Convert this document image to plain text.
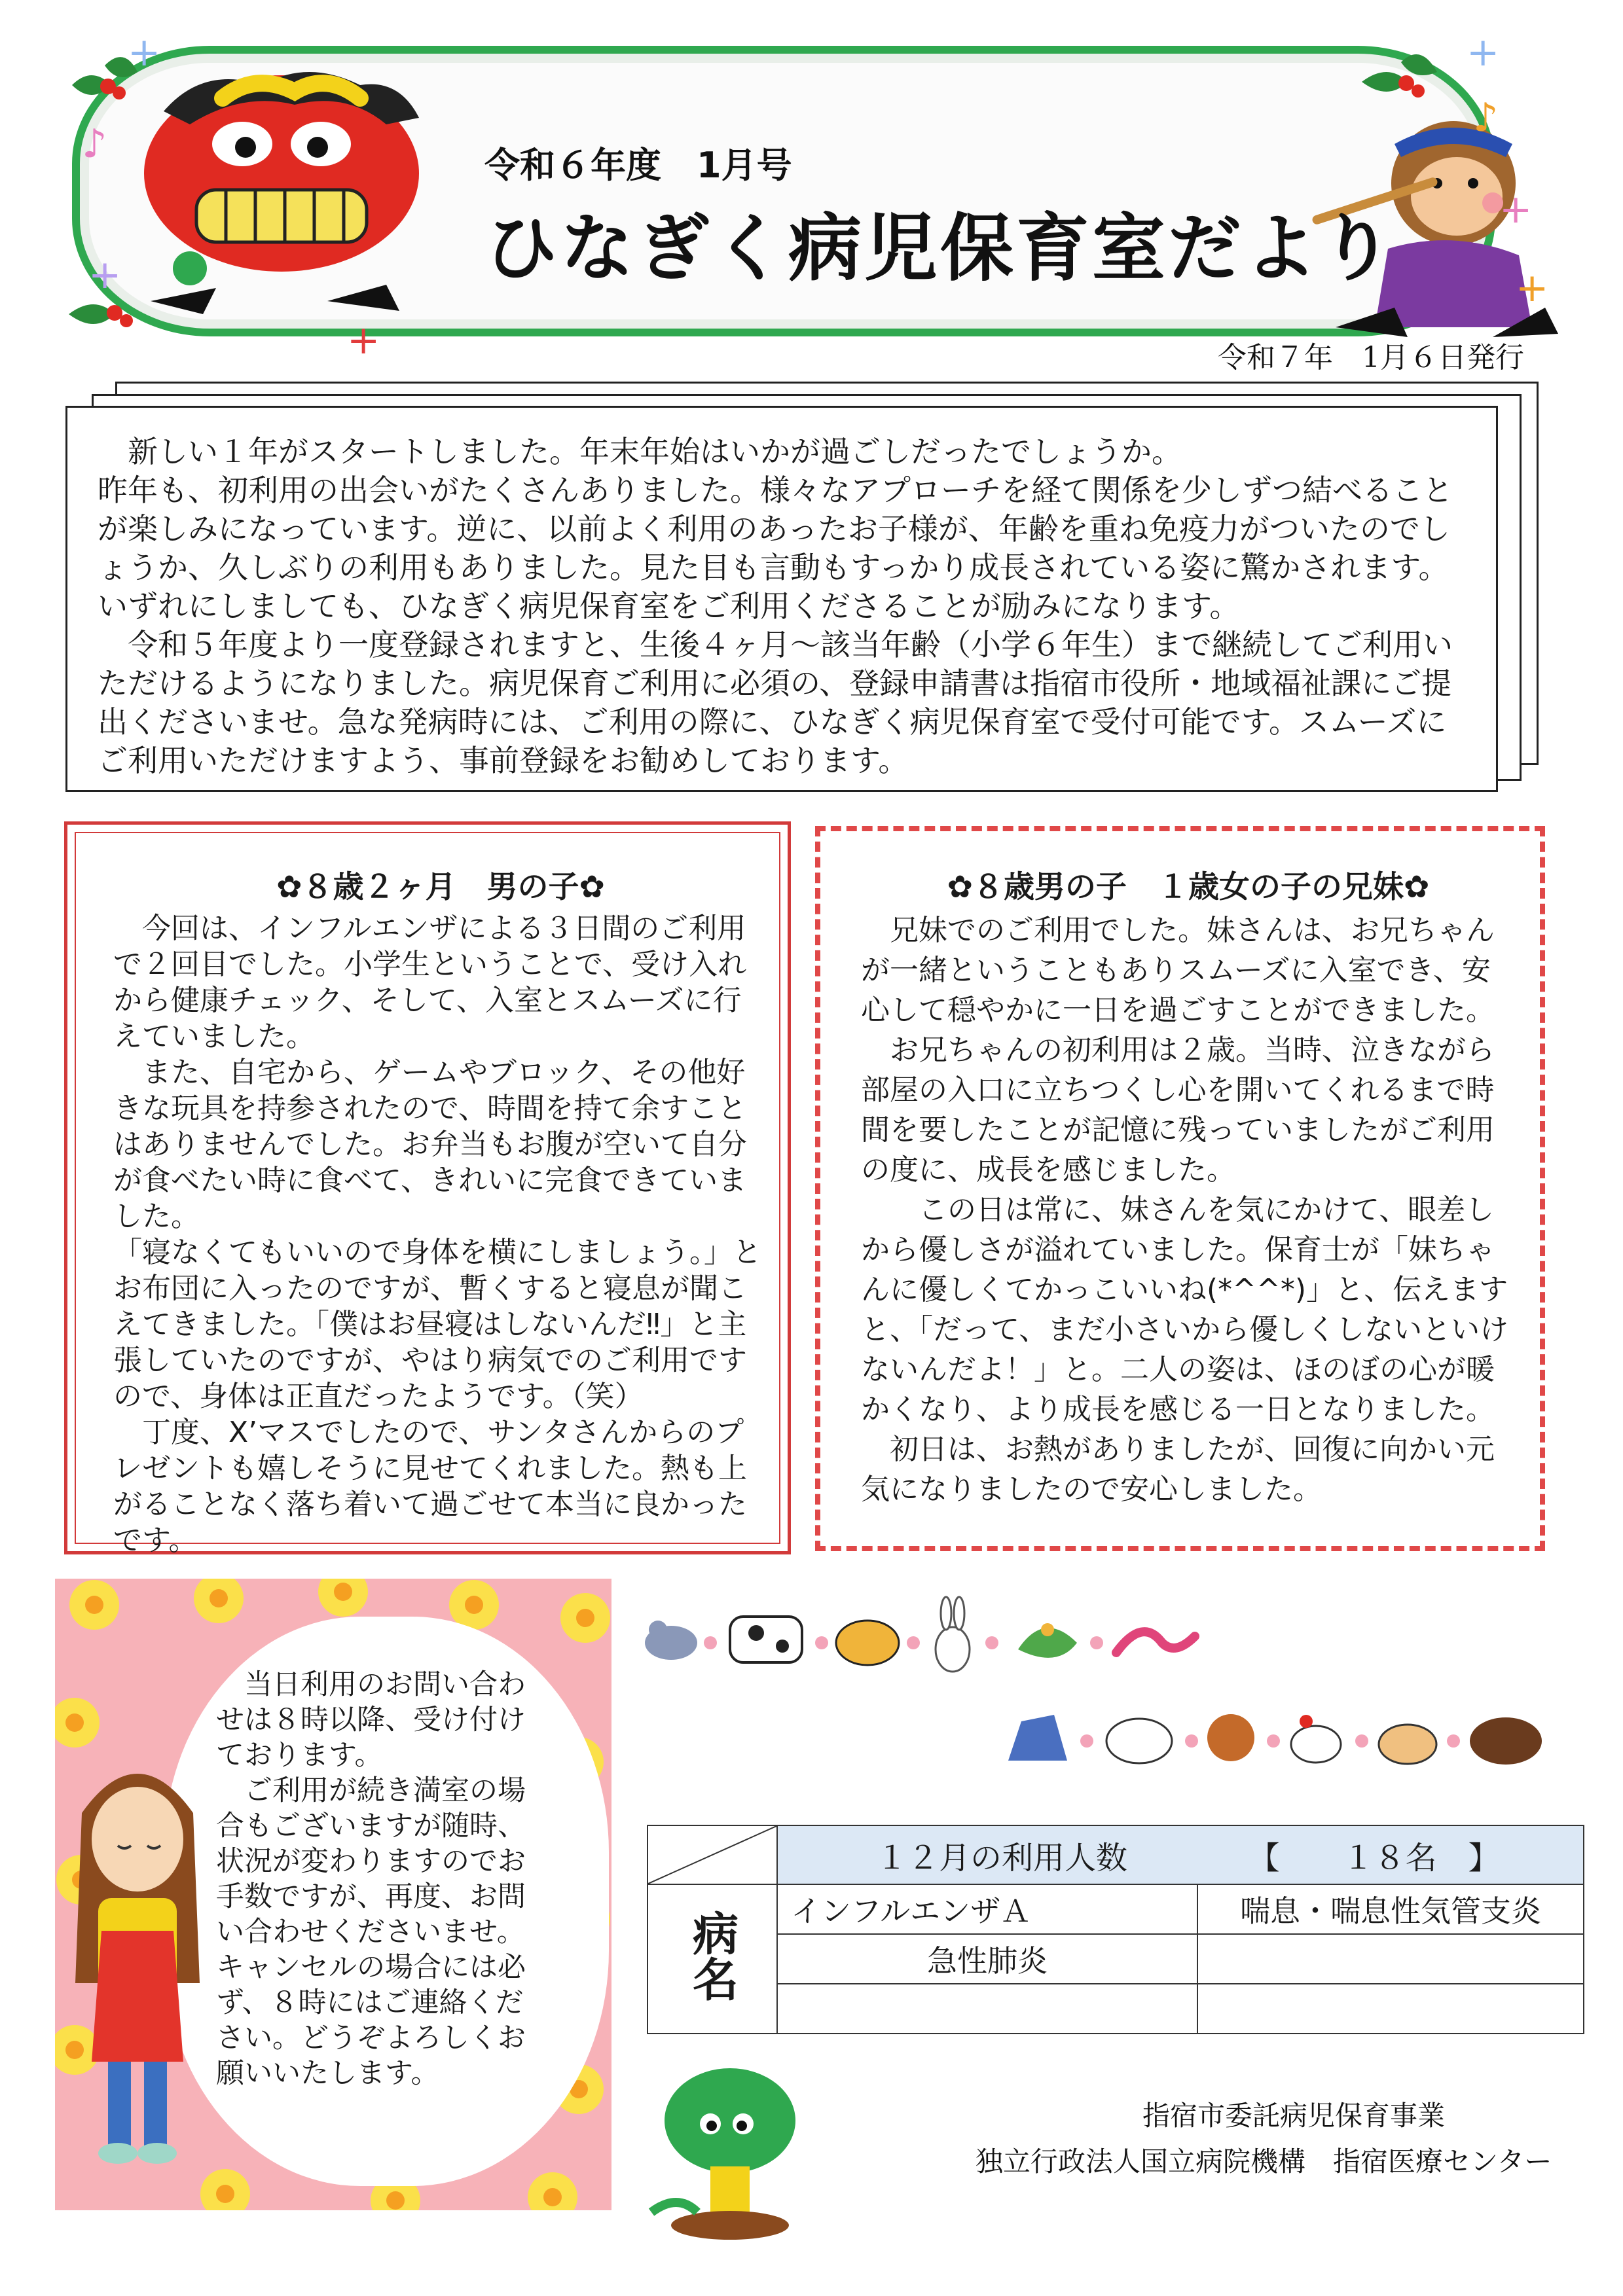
+
♪
+
+
+
♪
+
+
令和６年度　1月号
ひなぎく病児保育室だより
令和７年　1月６日発行

　新しい１年がスタートしました。年末年始はいかが過ごしだったでしょうか。

昨年も、初利用の出会いがたくさんありました。様々なアプローチを経て関係を少しずつ結べることが楽しみになっています。逆に、以前よく利用のあったお子様が、年齢を重ね免疫力がついたのでしょうか、久しぶりの利用もありました。見た目も言動もすっかり成長されている姿に驚かされます。いずれにしましても、ひなぎく病児保育室をご利用くださることが励みになります。

　令和５年度より一度登録されますと、生後４ヶ月～該当年齢（小学６年生）まで継続してご利用いただけるようになりました。病児保育ご利用に必須の、登録申請書は指宿市役所・地域福祉課にご提出くださいませ。急な発病時には、ご利用の際に、ひなぎく病児保育室で受付可能です。スムーズにご利用いただけますよう、事前登録をお勧めしております。

✿８歳２ヶ月　男の子✿

　今回は、インフルエンザによる３日間のご利用で２回目でした。小学生ということで、受け入れから健康チェック、そして、入室とスムーズに行えていました。

　また、自宅から、ゲームやブロック、その他好きな玩具を持参されたので、時間を持て余すことはありませんでした。お弁当もお腹が空いて自分が食べたい時に食べて、きれいに完食できていました。

「寝なくてもいいので身体を横にしましょう。」とお布団に入ったのですが、暫くすると寝息が聞こえてきました。「僕はお昼寝はしないんだ‼」と主張していたのですが、やはり病気でのご利用ですので、身体は正直だったようです。（笑）

　丁度、X’マスでしたので、サンタさんからのプレゼントも嬉しそうに見せてくれました。熱も上がることなく落ち着いて過ごせて本当に良かったです。

✿８歳男の子　１歳女の子の兄妹✿

　兄妹でのご利用でした。妹さんは、お兄ちゃんが一緒ということもありスムーズに入室でき、安心して穏やかに一日を過ごすことができました。

　お兄ちゃんの初利用は２歳。当時、泣きながら部屋の入口に立ちつくし心を開いてくれるまで時間を要したことが記憶に残っていましたがご利用の度に、成長を感じました。

　　この日は常に、妹さんを気にかけて、眼差しから優しさが溢れていました。保育士が「妹ちゃんに優しくてかっこいいね(*^^*)」と、伝えますと、「だって、まだ小さいから優しくしないといけないんだよ！」と。二人の姿は、ほのぼの心が暖かくなり、より成長を感じる一日となりました。

　初日は、お熱がありましたが、回復に向かい元気になりましたので安心しました。

　当日利用のお問い合わせは８時以降、受け付けております。

　ご利用が続き満室の場合もございますが随時、状況が変わりますのでお手数ですが、再度、お問い合わせくださいませ。キャンセルの場合には必ず、８時にはご連絡ください。どうぞよろしくお願いいたします。

	１２月の利用人数 【　　１８名　】	
病名	インフルエンザＡ	喘息・喘息性気管支炎
	急性肺炎	

指宿市委託病児保育事業
独立行政法人国立病院機構　指宿医療センター
